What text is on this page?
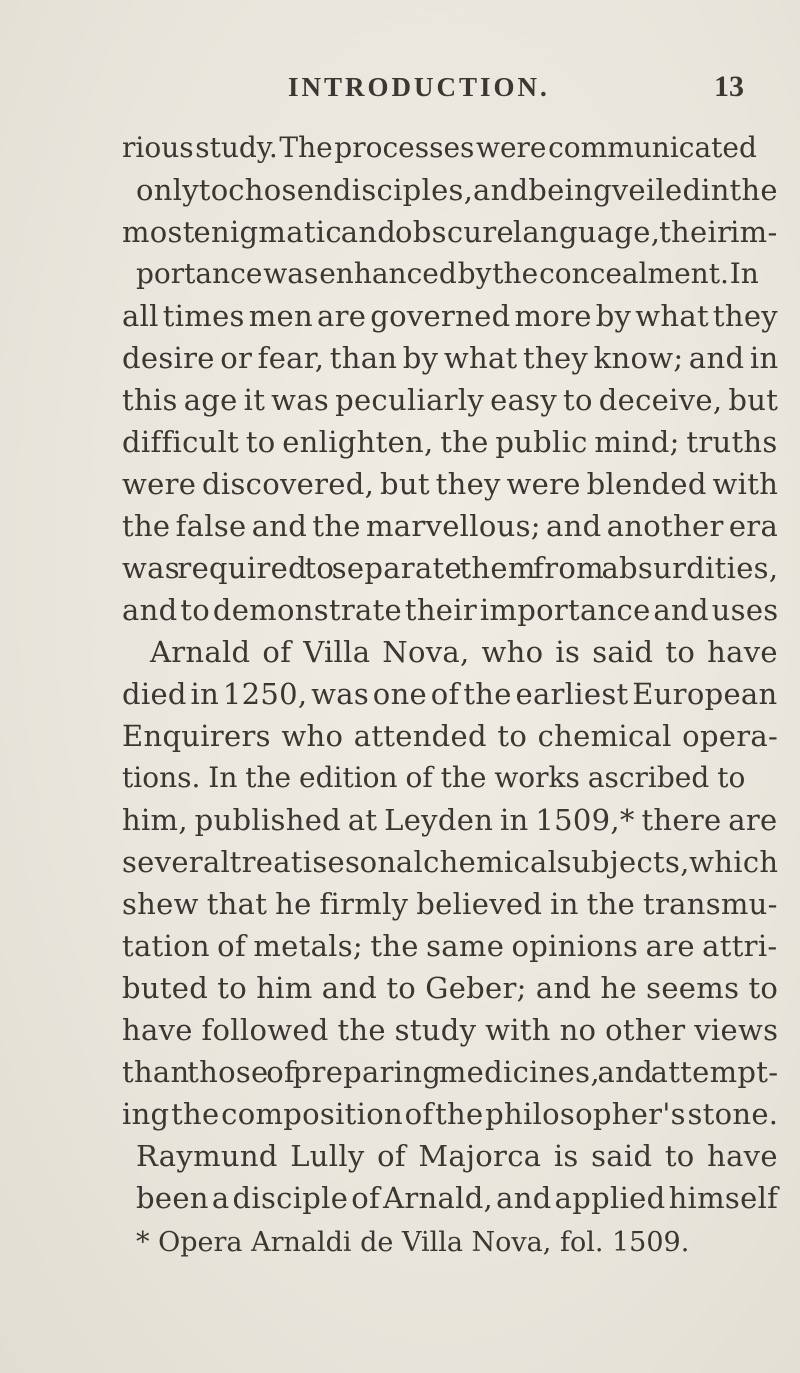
INTRODUCTION.	13
rious study. The processes were communicated
only to chosen disciples, and being veiled in the
most enigmatic and obscure language, their im-
portance was enhanced by the concealment. In
all times men are governed more by what they
desire or fear, than by what they know; and in
this age it was peculiarly easy to deceive, but
difficult to enlighten, the public mind; truths
were discovered, but they were blended with
the false and the marvellous; and another era
was required to separate them from absurdities,
and to demonstrate their importance and uses
Arnald of Villa Nova, who is said to have
died in 1250, was one of the earliest European
Enquirers who attended to chemical opera-
tions. In the edition of the works ascribed to
him, published at Leyden in 1509,* there are
several treatises on alchemical subjects, which
shew that he firmly believed in the transmu-
tation of metals; the same opinions are attri-
buted to him and to Geber; and he seems to
have followed the study with no other views
than those of preparing medicines, and attempt-
ing the composition of the philosopher's stone.
Raymund Lully of Majorca is said to have
been a disciple of Arnald, and applied himself
* Opera Arnaldi de Villa Nova, fol. 1509.
